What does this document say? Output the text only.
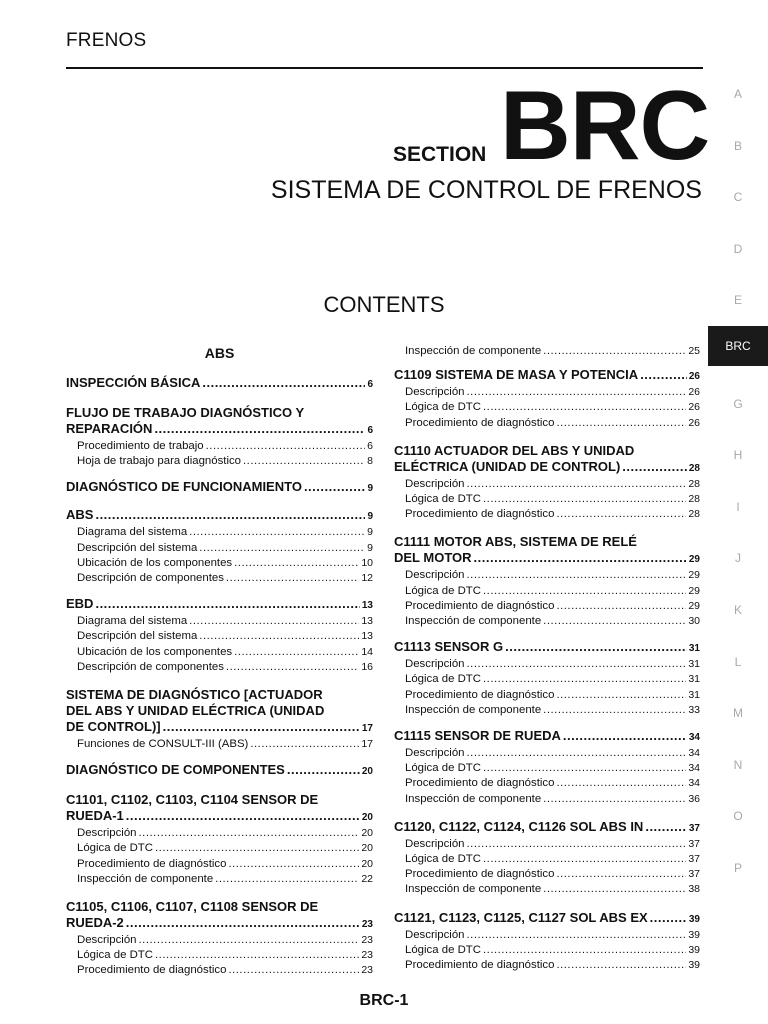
FRENOS
SECTION BRC
SISTEMA DE CONTROL DE FRENOS
CONTENTS
A
B
C
D
E
BRC
G
H
I
J
K
L
M
N
O
P
ABS
INSPECCIÓN BÁSICA .....	6
FLUJO DE TRABAJO DIAGNÓSTICO Y
REPARACIÓN .....	6
Procedimiento de trabajo .....	6
Hoja de trabajo para diagnóstico .....	8
DIAGNÓSTICO DE FUNCIONAMIENTO .....	9
ABS .....	9
Diagrama del sistema .....	9
Descripción del sistema .....	9
Ubicación de los componentes .....	10
Descripción de componentes .....	12
EBD .....	13
Diagrama del sistema .....	13
Descripción del sistema .....	13
Ubicación de los componentes .....	14
Descripción de componentes .....	16
SISTEMA DE DIAGNÓSTICO [ACTUADOR
DEL ABS Y UNIDAD ELÉCTRICA (UNIDAD
DE CONTROL)] .....	17
Funciones de CONSULT-III (ABS) .....	17
DIAGNÓSTICO DE COMPONENTES .....	20
C1101, C1102, C1103, C1104 SENSOR DE
RUEDA-1 .....	20
Descripción .....	20
Lógica de DTC .....	20
Procedimiento de diagnóstico .....	20
Inspección de componente .....	22
C1105, C1106, C1107, C1108 SENSOR DE
RUEDA-2 .....	23
Descripción .....	23
Lógica de DTC .....	23
Procedimiento de diagnóstico .....	23
Inspección de componente .....	25
C1109 SISTEMA DE MASA Y POTENCIA .....	26
Descripción .....	26
Lógica de DTC .....	26
Procedimiento de diagnóstico .....	26
C1110 ACTUADOR DEL ABS Y UNIDAD
ELÉCTRICA (UNIDAD DE CONTROL) .....	28
Descripción .....	28
Lógica de DTC .....	28
Procedimiento de diagnóstico .....	28
C1111 MOTOR ABS, SISTEMA DE RELÉ
DEL MOTOR .....	29
Descripción .....	29
Lógica de DTC .....	29
Procedimiento de diagnóstico .....	29
Inspección de componente .....	30
C1113 SENSOR G .....	31
Descripción .....	31
Lógica de DTC .....	31
Procedimiento de diagnóstico .....	31
Inspección de componente .....	33
C1115 SENSOR DE RUEDA .....	34
Descripción .....	34
Lógica de DTC .....	34
Procedimiento de diagnóstico .....	34
Inspección de componente .....	36
C1120, C1122, C1124, C1126 SOL ABS IN .....	37
Descripción .....	37
Lógica de DTC .....	37
Procedimiento de diagnóstico .....	37
Inspección de componente .....	38
C1121, C1123, C1125, C1127 SOL ABS EX .....	39
Descripción .....	39
Lógica de DTC .....	39
Procedimiento de diagnóstico .....	39
BRC-1
